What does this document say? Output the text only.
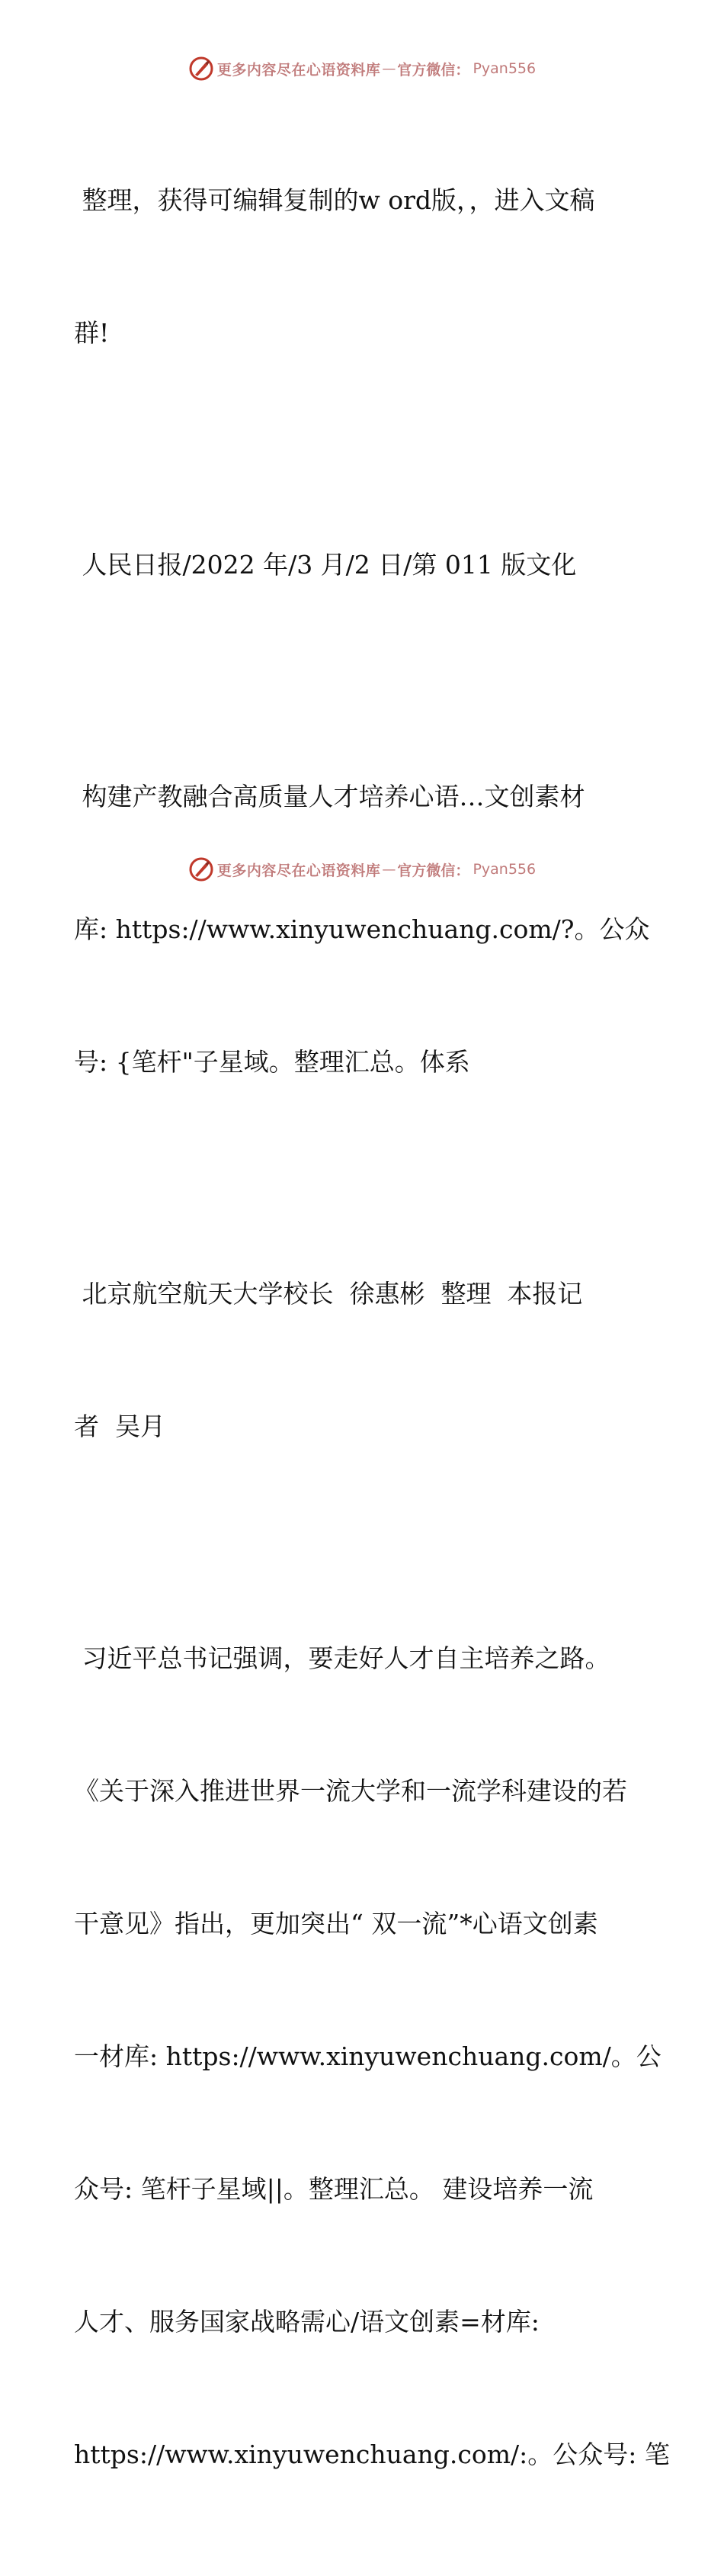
更多内容尽在心语资料库 — 官方微信： Pyan556

整理，获得可编辑复制的w ord版，，进入文稿

群!

人民日报/2022 年/3 月/2 日/第 011 版文化

构建产教融合高质量人才培养心语…文创素材

库: https://www.xinyuwenchuang.com/?。公众

号: {笔杆"子星域。整理汇总。体系

北京航空航天大学校长  徐惠彬  整理  本报记

者  吴月

习近平总书记强调，要走好人才自主培养之路。

《关于深入推进世界一流大学和一流学科建设的若

干意见》指出，更加突出“ 双一流”*心语文创素

一材库: https://www.xinyuwenchuang.com/。公

众号: 笔杆子星域||。整理汇总。 建设培养一流

人才、服务国家战略需心/语文创素=材库:

https://www.xinyuwenchuang.com/:。公众号: 笔

更多内容尽在心语资料库 — 官方微信： Pyan556
